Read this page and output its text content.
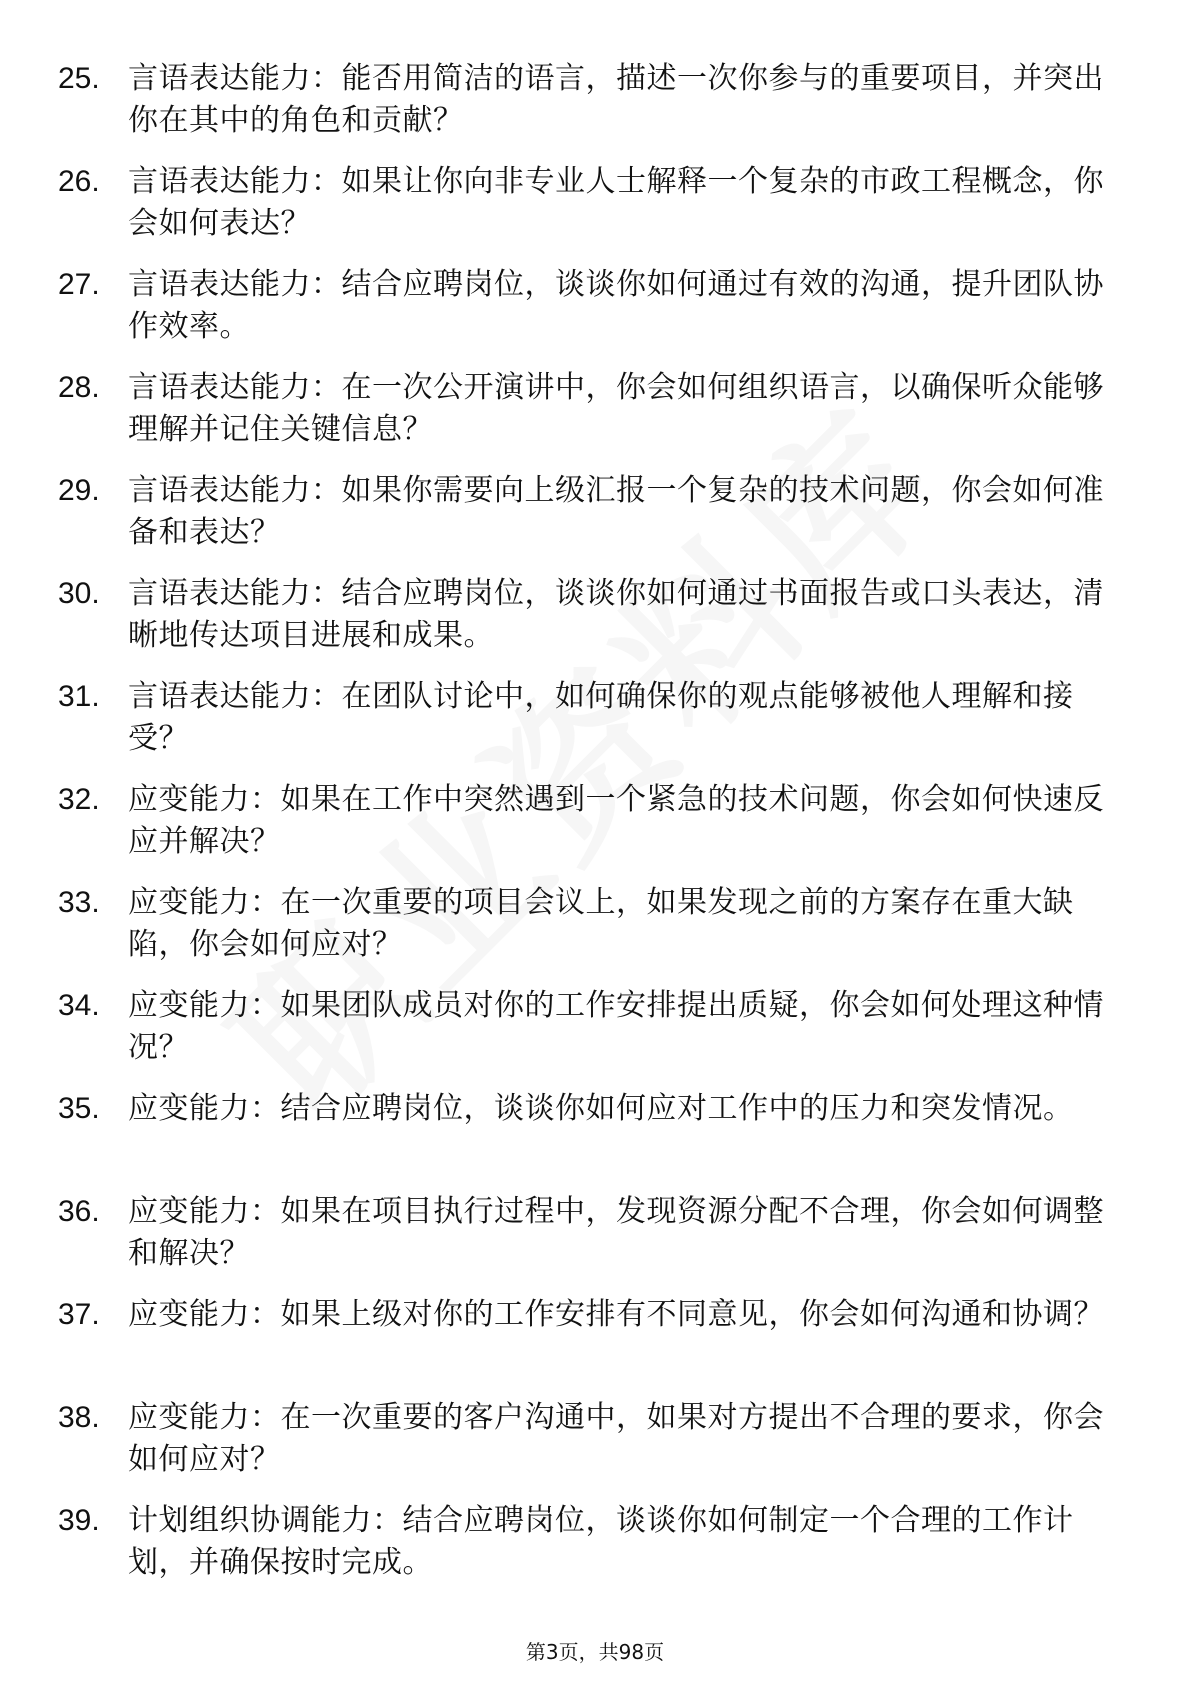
25. 言语表达能力：能否用简洁的语言，描述一次你参与的重要项目，并突出你在其中的角色和贡献？
26. 言语表达能力：如果让你向非专业人士解释一个复杂的市政工程概念，你会如何表达？
27. 言语表达能力：结合应聘岗位，谈谈你如何通过有效的沟通，提升团队协作效率。
28. 言语表达能力：在一次公开演讲中，你会如何组织语言，以确保听众能够理解并记住关键信息？
29. 言语表达能力：如果你需要向上级汇报一个复杂的技术问题，你会如何准备和表达？
30. 言语表达能力：结合应聘岗位，谈谈你如何通过书面报告或口头表达，清晰地传达项目进展和成果。
31. 言语表达能力：在团队讨论中，如何确保你的观点能够被他人理解和接受？
32. 应变能力：如果在工作中突然遇到一个紧急的技术问题，你会如何快速反应并解决？
33. 应变能力：在一次重要的项目会议上，如果发现之前的方案存在重大缺陷，你会如何应对？
34. 应变能力：如果团队成员对你的工作安排提出质疑，你会如何处理这种情况？
35. 应变能力：结合应聘岗位，谈谈你如何应对工作中的压力和突发情况。
36. 应变能力：如果在项目执行过程中，发现资源分配不合理，你会如何调整和解决？
37. 应变能力：如果上级对你的工作安排有不同意见，你会如何沟通和协调？
38. 应变能力：在一次重要的客户沟通中，如果对方提出不合理的要求，你会如何应对？
39. 计划组织协调能力：结合应聘岗位，谈谈你如何制定一个合理的工作计划，并确保按时完成。
第3页，共98页
